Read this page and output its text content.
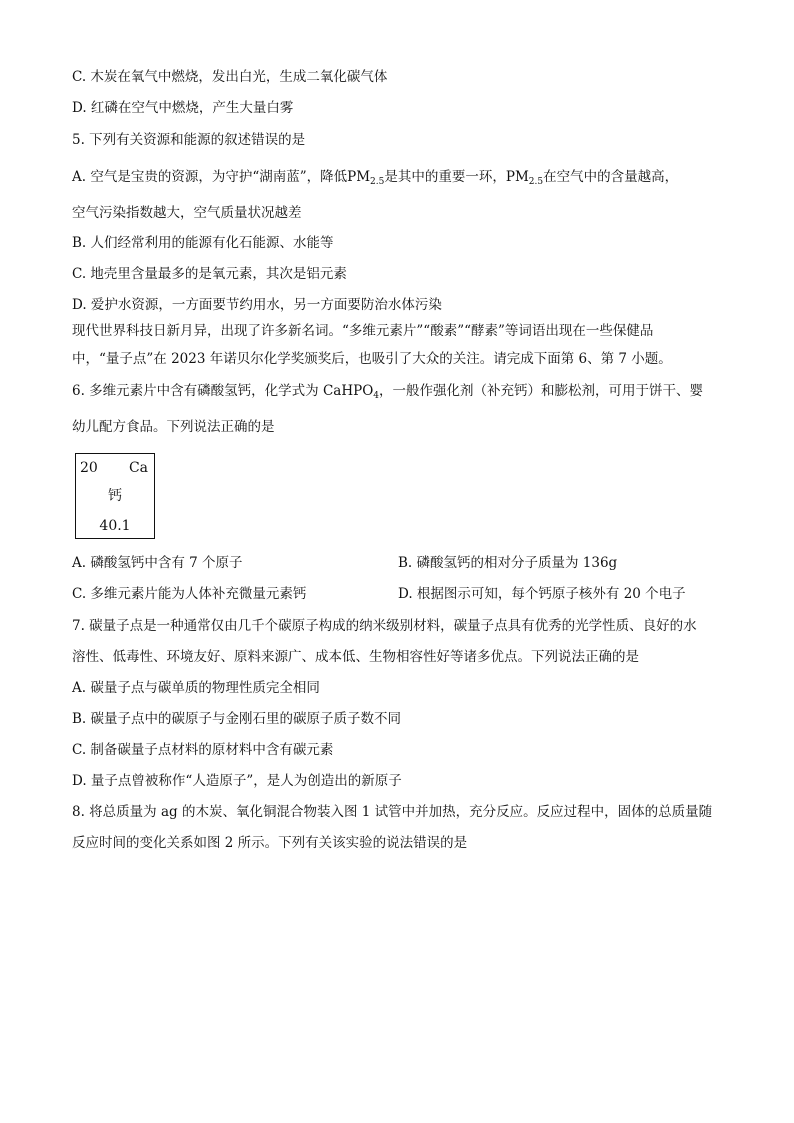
C. 木炭在氧气中燃烧，发出白光，生成二氧化碳气体
D. 红磷在空气中燃烧，产生大量白雾
5. 下列有关资源和能源的叙述错误的是
A. 空气是宝贵的资源，为守护“湖南蓝”，降低$PM_{2.5}$是其中的重要一环，$PM_{2.5}$在空气中的含量越高，
空气污染指数越大，空气质量状况越差
B. 人们经常利用的能源有化石能源、水能等
C. 地壳里含量最多的是氧元素，其次是铝元素
D. 爱护水资源，一方面要节约用水，另一方面要防治水体污染
现代世界科技日新月异，出现了许多新名词。“多维元素片”“酸素”“酵素”等词语出现在一些保健品
中，“量子点”在 2023 年诺贝尔化学奖颁奖后，也吸引了大众的关注。请完成下面第 6、第 7 小题。
6. 多维元素片中含有磷酸氢钙，化学式为 CaHPO$_4$，一般作强化剂（补充钙）和膨松剂，可用于饼干、婴
幼儿配方食品。下列说法正确的是
20 Ca
钙
40.1
A. 磷酸氢钙中含有 7 个原子	B. 磷酸氢钙的相对分子质量为 136g
C. 多维元素片能为人体补充微量元素钙	D. 根据图示可知，每个钙原子核外有 20 个电子
7. 碳量子点是一种通常仅由几千个碳原子构成的纳米级别材料，碳量子点具有优秀的光学性质、良好的水
溶性、低毒性、环境友好、原料来源广、成本低、生物相容性好等诸多优点。下列说法正确的是
A. 碳量子点与碳单质的物理性质完全相同
B. 碳量子点中的碳原子与金刚石里的碳原子质子数不同
C. 制备碳量子点材料的原材料中含有碳元素
D. 量子点曾被称作“人造原子”，是人为创造出的新原子
8. 将总质量为 ag 的木炭、氧化铜混合物装入图 1 试管中并加热，充分反应。反应过程中，固体的总质量随
反应时间的变化关系如图 2 所示。下列有关该实验的说法错误的是
